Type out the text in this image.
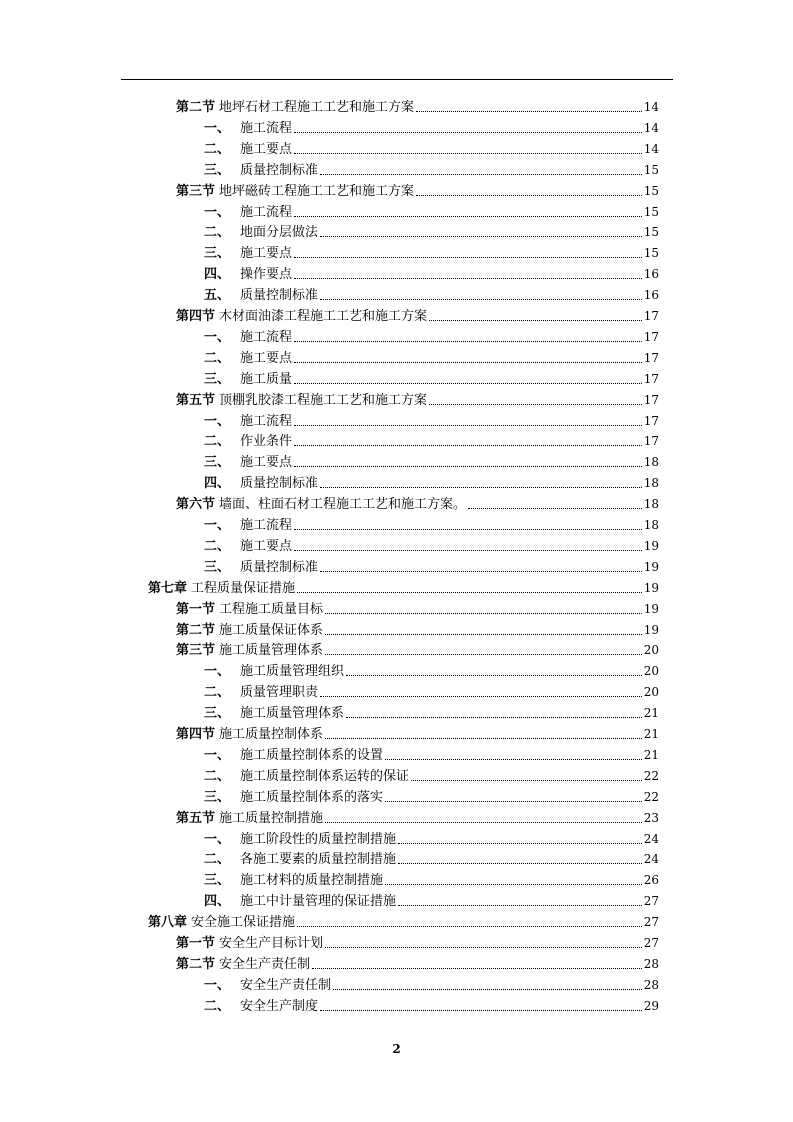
第二节 地坪石材工程施工工艺和施工方案	14
一、 施工流程	14
二、 施工要点	14
三、 质量控制标准	15
第三节 地坪磁砖工程施工工艺和施工方案	15
一、 施工流程	15
二、 地面分层做法	15
三、 施工要点	15
四、 操作要点	16
五、 质量控制标准	16
第四节 木材面油漆工程施工工艺和施工方案	17
一、 施工流程	17
二、 施工要点	17
三、 施工质量	17
第五节 顶棚乳胶漆工程施工工艺和施工方案	17
一、 施工流程	17
二、 作业条件	17
三、 施工要点	18
四、 质量控制标准	18
第六节 墙面、柱面石材工程施工工艺和施工方案。	18
一、 施工流程	18
二、 施工要点	19
三、 质量控制标准	19
第七章 工程质量保证措施	19
第一节 工程施工质量目标	19
第二节 施工质量保证体系	19
第三节 施工质量管理体系	20
一、 施工质量管理组织	20
二、 质量管理职责	20
三、 施工质量管理体系	21
第四节 施工质量控制体系	21
一、 施工质量控制体系的设置	21
二、 施工质量控制体系运转的保证	22
三、 施工质量控制体系的落实	22
第五节 施工质量控制措施	23
一、 施工阶段性的质量控制措施	24
二、 各施工要素的质量控制措施	24
三、 施工材料的质量控制措施	26
四、 施工中计量管理的保证措施	27
第八章 安全施工保证措施	27
第一节 安全生产目标计划	27
第二节 安全生产责任制	28
一、 安全生产责任制	28
二、 安全生产制度	29
2
